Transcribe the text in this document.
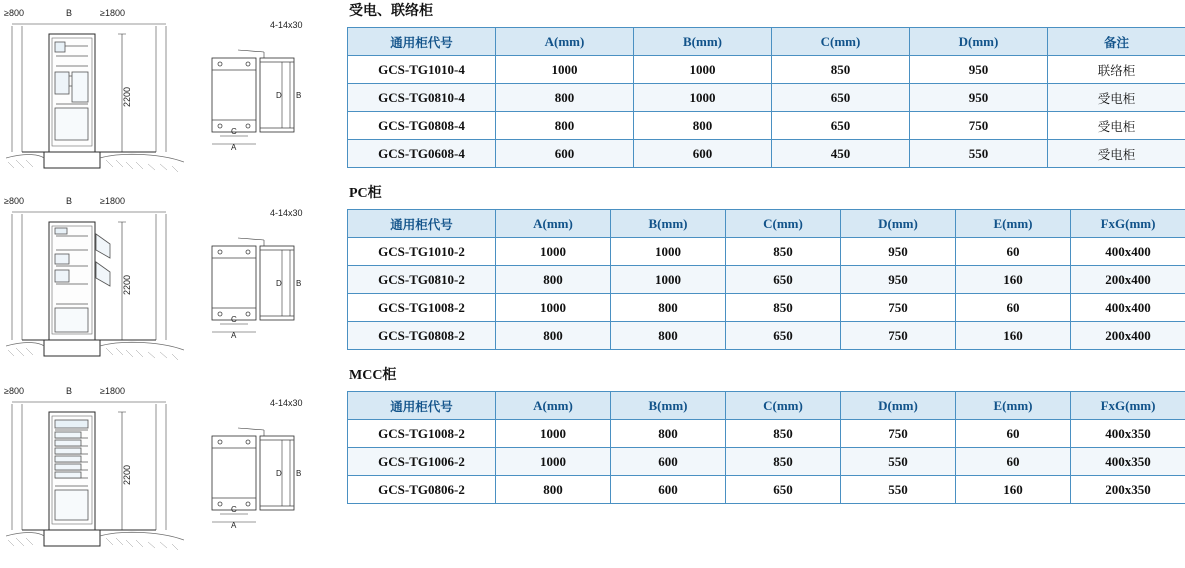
≥800	B	≥1800
2200
4-14x30
D B
C
A
≥800	B	≥1800
2200
4-14x30
D B
C
A
≥800	B	≥1800
2200
4-14x30
D B
C
A
受电、联络柜
通用柜代号	A(mm)	B(mm)	C(mm)	D(mm)	备注
GCS-TG1010-4	1000	1000	850	950	联络柜
GCS-TG0810-4	800	1000	650	950	受电柜
GCS-TG0808-4	800	800	650	750	受电柜
GCS-TG0608-4	600	600	450	550	受电柜
PC柜
通用柜代号	A(mm)	B(mm)	C(mm)	D(mm)	E(mm)	FxG(mm)
GCS-TG1010-2	1000	1000	850	950	60	400x400
GCS-TG0810-2	800	1000	650	950	160	200x400
GCS-TG1008-2	1000	800	850	750	60	400x400
GCS-TG0808-2	800	800	650	750	160	200x400
MCC柜
通用柜代号	A(mm)	B(mm)	C(mm)	D(mm)	E(mm)	FxG(mm)
GCS-TG1008-2	1000	800	850	750	60	400x350
GCS-TG1006-2	1000	600	850	550	60	400x350
GCS-TG0806-2	800	600	650	550	160	200x350
